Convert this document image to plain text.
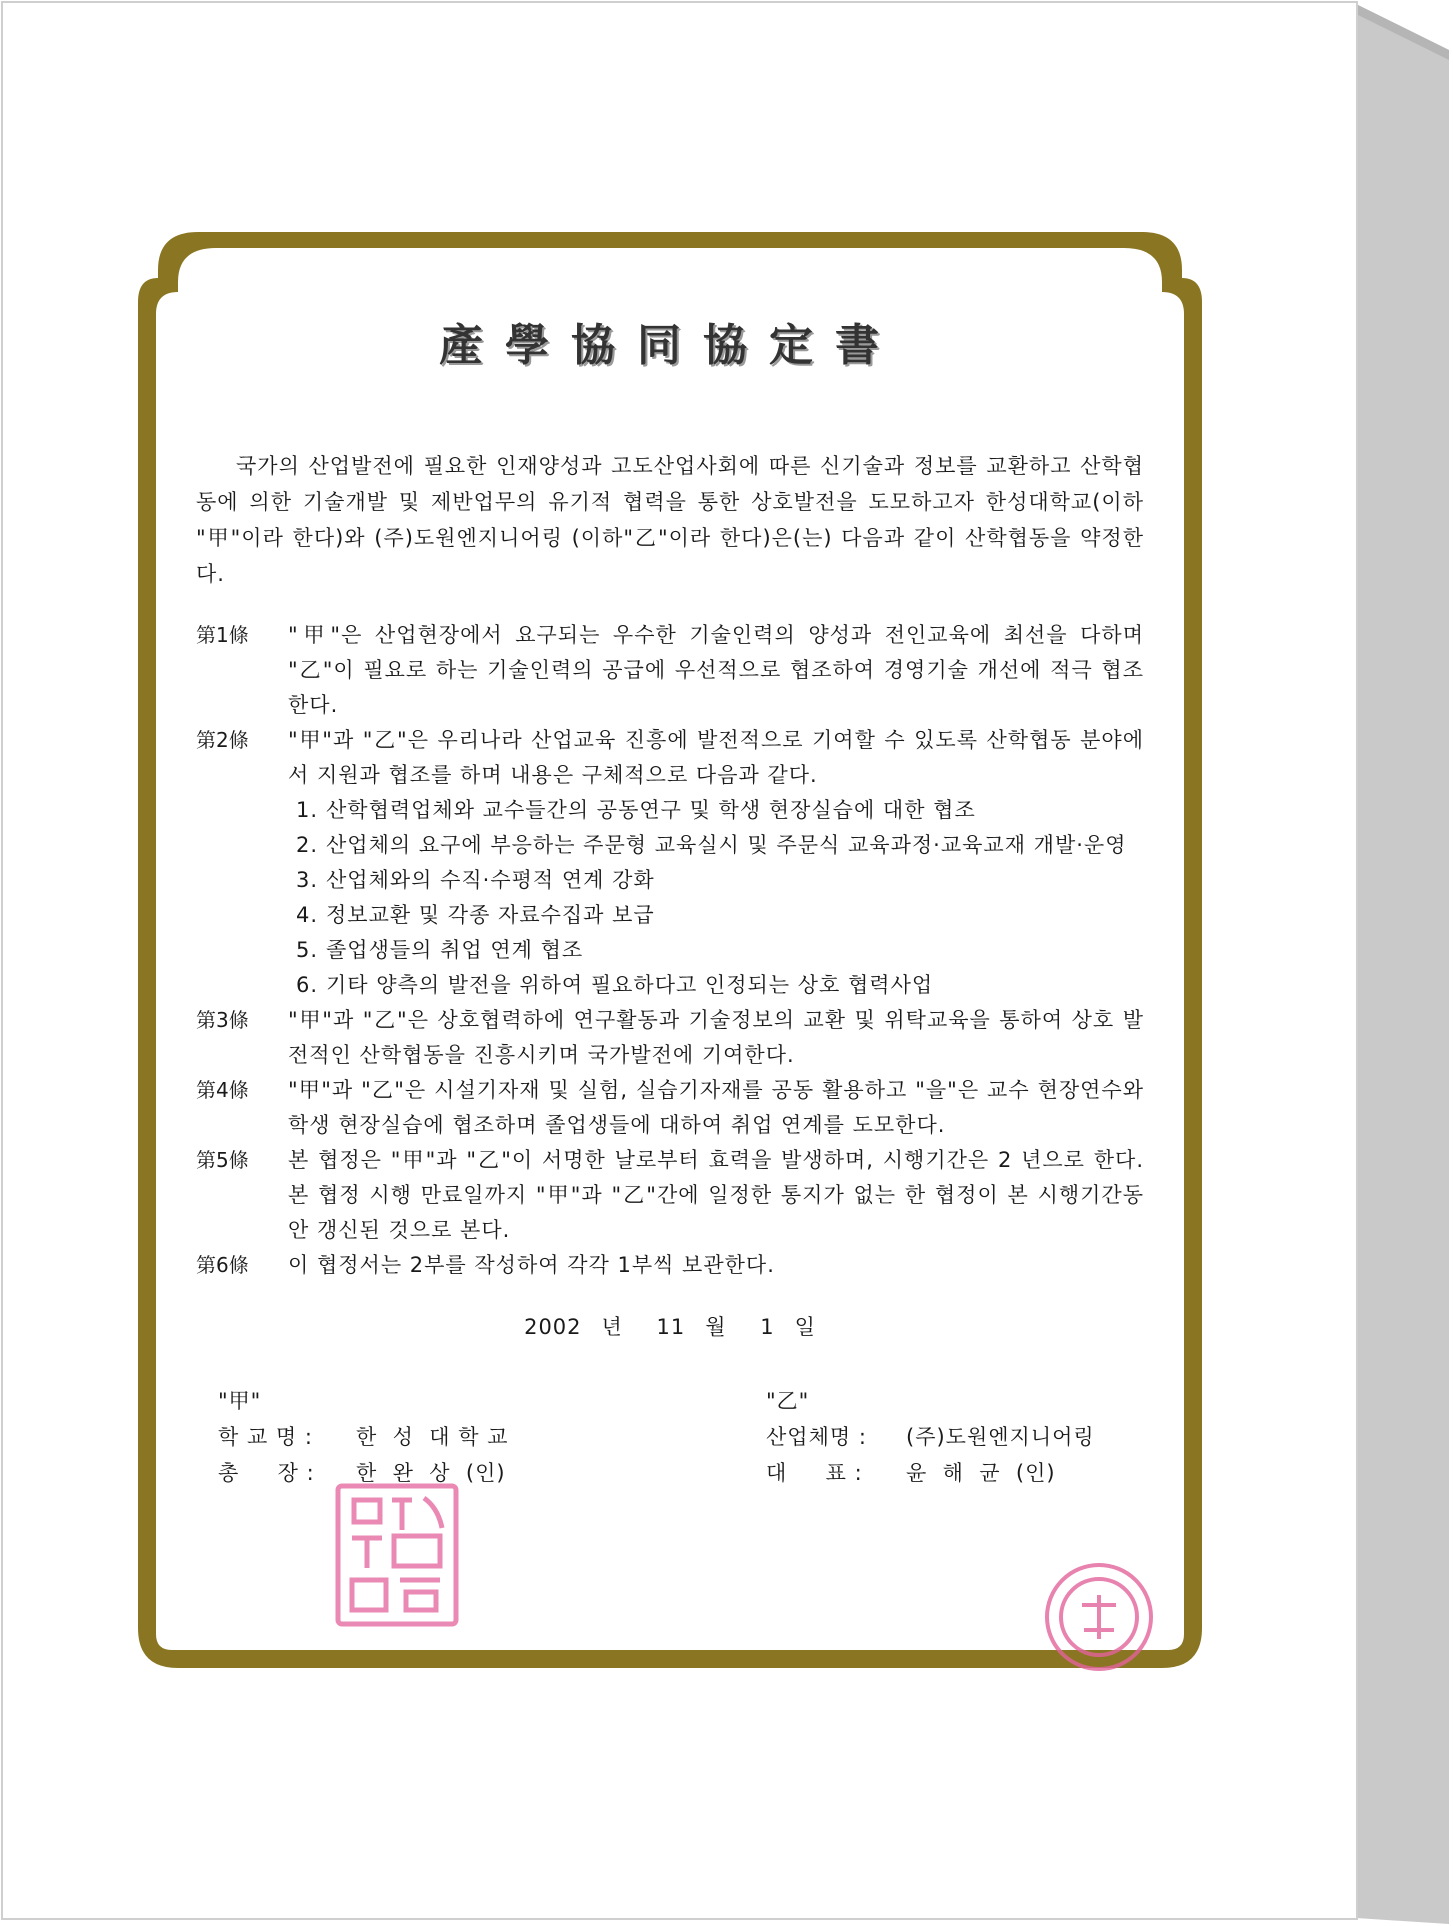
產學協同協定書

국가의 산업발전에 필요한 인재양성과 고도산업사회에 따른 신기술과 정보를 교환하고 산학협동에 의한 기술개발 및 제반업무의 유기적 협력을 통한 상호발전을 도모하고자 한성대학교(이하 "甲"이라 한다)와 (주)도원엔지니어링 (이하"乙"이라 한다)은(는) 다음과 같이 산학협동을 약정한다.

第1條	"甲"은 산업현장에서 요구되는 우수한 기술인력의 양성과 전인교육에 최선을 다하며 "乙"이 필요로 하는 기술인력의 공급에 우선적으로 협조하여 경영기술 개선에 적극 협조한다.
第2條	"甲"과 "乙"은 우리나라 산업교육 진흥에 발전적으로 기여할 수 있도록 산학협동 분야에서 지원과 협조를 하며 내용은 구체적으로 다음과 같다.
1. 산학협력업체와 교수들간의 공동연구 및 학생 현장실습에 대한 협조
2. 산업체의 요구에 부응하는 주문형 교육실시 및 주문식 교육과정·교육교재 개발·운영
3. 산업체와의 수직·수평적 연계 강화
4. 정보교환 및 각종 자료수집과 보급
5. 졸업생들의 취업 연계 협조
6. 기타 양측의 발전을 위하여 필요하다고 인정되는 상호 협력사업
第3條	"甲"과 "乙"은 상호협력하에 연구활동과 기술정보의 교환 및 위탁교육을 통하여 상호 발전적인 산학협동을 진흥시키며 국가발전에 기여한다.
第4條	"甲"과 "乙"은 시설기자재 및 실험, 실습기자재를 공동 활용하고 "을"은 교수 현장연수와 학생 현장실습에 협조하며 졸업생들에 대하여 취업 연계를 도모한다.
第5條	본 협정은 "甲"과 "乙"이 서명한 날로부터 효력을 발생하며, 시행기간은 2 년으로 한다. 본 협정 시행 만료일까지 "甲"과 "乙"간에 일정한 통지가 없는 한 협정이 본 시행기간동안 갱신된 것으로 본다.
第6條	이 협정서는 2부를 작성하여 각각 1부씩 보관한다.
2002 년 11 월 1 일
"甲"
학 교 명 :	한  성  대 학 교
총     장 :	한  완  상  (인)
"乙"
산업체명 :	(주)도원엔지니어링
대     표 :	윤  해  균  (인)
